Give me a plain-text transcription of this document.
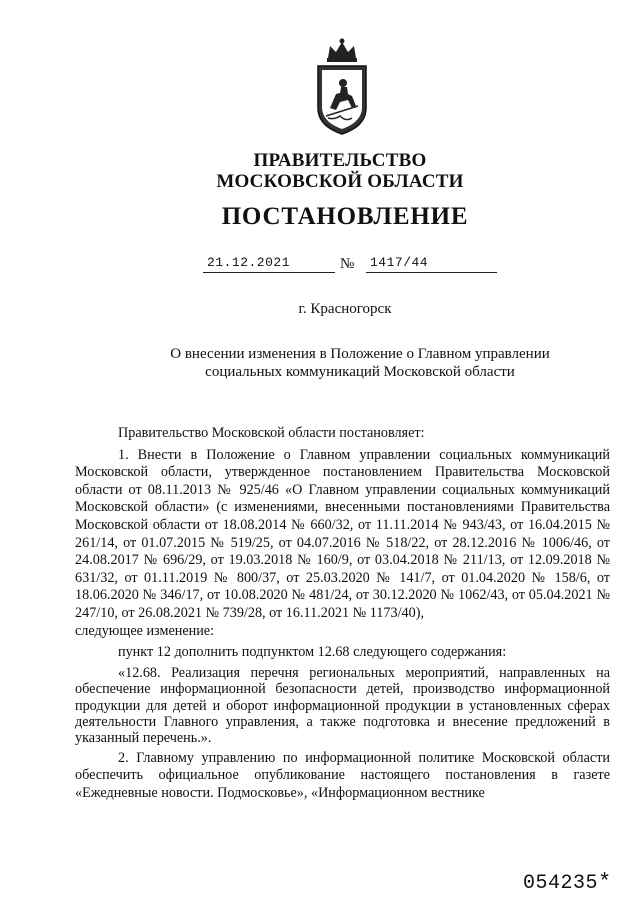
ПРАВИТЕЛЬСТВО
МОСКОВСКОЙ ОБЛАСТИ
ПОСТАНОВЛЕНИЕ
21.12.2021	№	1417/44
г. Красногорск
О внесении изменения в Положение о Главном управлении социальных коммуникаций Московской области

Правительство Московской области постановляет:

1. Внести в Положение о Главном управлении социальных коммуникаций Московской области, утвержденное постановлением Правительства Московской области от 08.11.2013 № 925/46 «О Главном управлении социальных коммуникаций Московской области» (с изменениями, внесенными постановлениями Правительства Московской области от 18.08.2014 № 660/32, от 11.11.2014 № 943/43, от 16.04.2015 № 261/14, от 01.07.2015 № 519/25, от 04.07.2016 № 518/22, от 28.12.2016 № 1006/46, от 24.08.2017 № 696/29, от 19.03.2018 № 160/9, от 03.04.2018 № 211/13, от 12.09.2018 № 631/32, от 01.11.2019 № 800/37, от 25.03.2020 № 141/7, от 01.04.2020 № 158/6, от 18.06.2020 № 346/17, от 10.08.2020 № 481/24, от 30.12.2020 № 1062/43, от 05.04.2021 № 247/10, от 26.08.2021 № 739/28, от 16.11.2021 № 1173/40),

следующее изменение:

пункт 12 дополнить подпунктом 12.68 следующего содержания:

«12.68. Реализация перечня региональных мероприятий, направленных на обеспечение информационной безопасности детей, производство информационной продукции для детей и оборот информационной продукции в установленных сферах деятельности Главного управления, а также подготовка и внесение предложений в указанный перечень.».

2. Главному управлению по информационной политике Московской области обеспечить официальное опубликование настоящего постановления в газете «Ежедневные новости. Подмосковье», «Информационном вестнике

054235*
